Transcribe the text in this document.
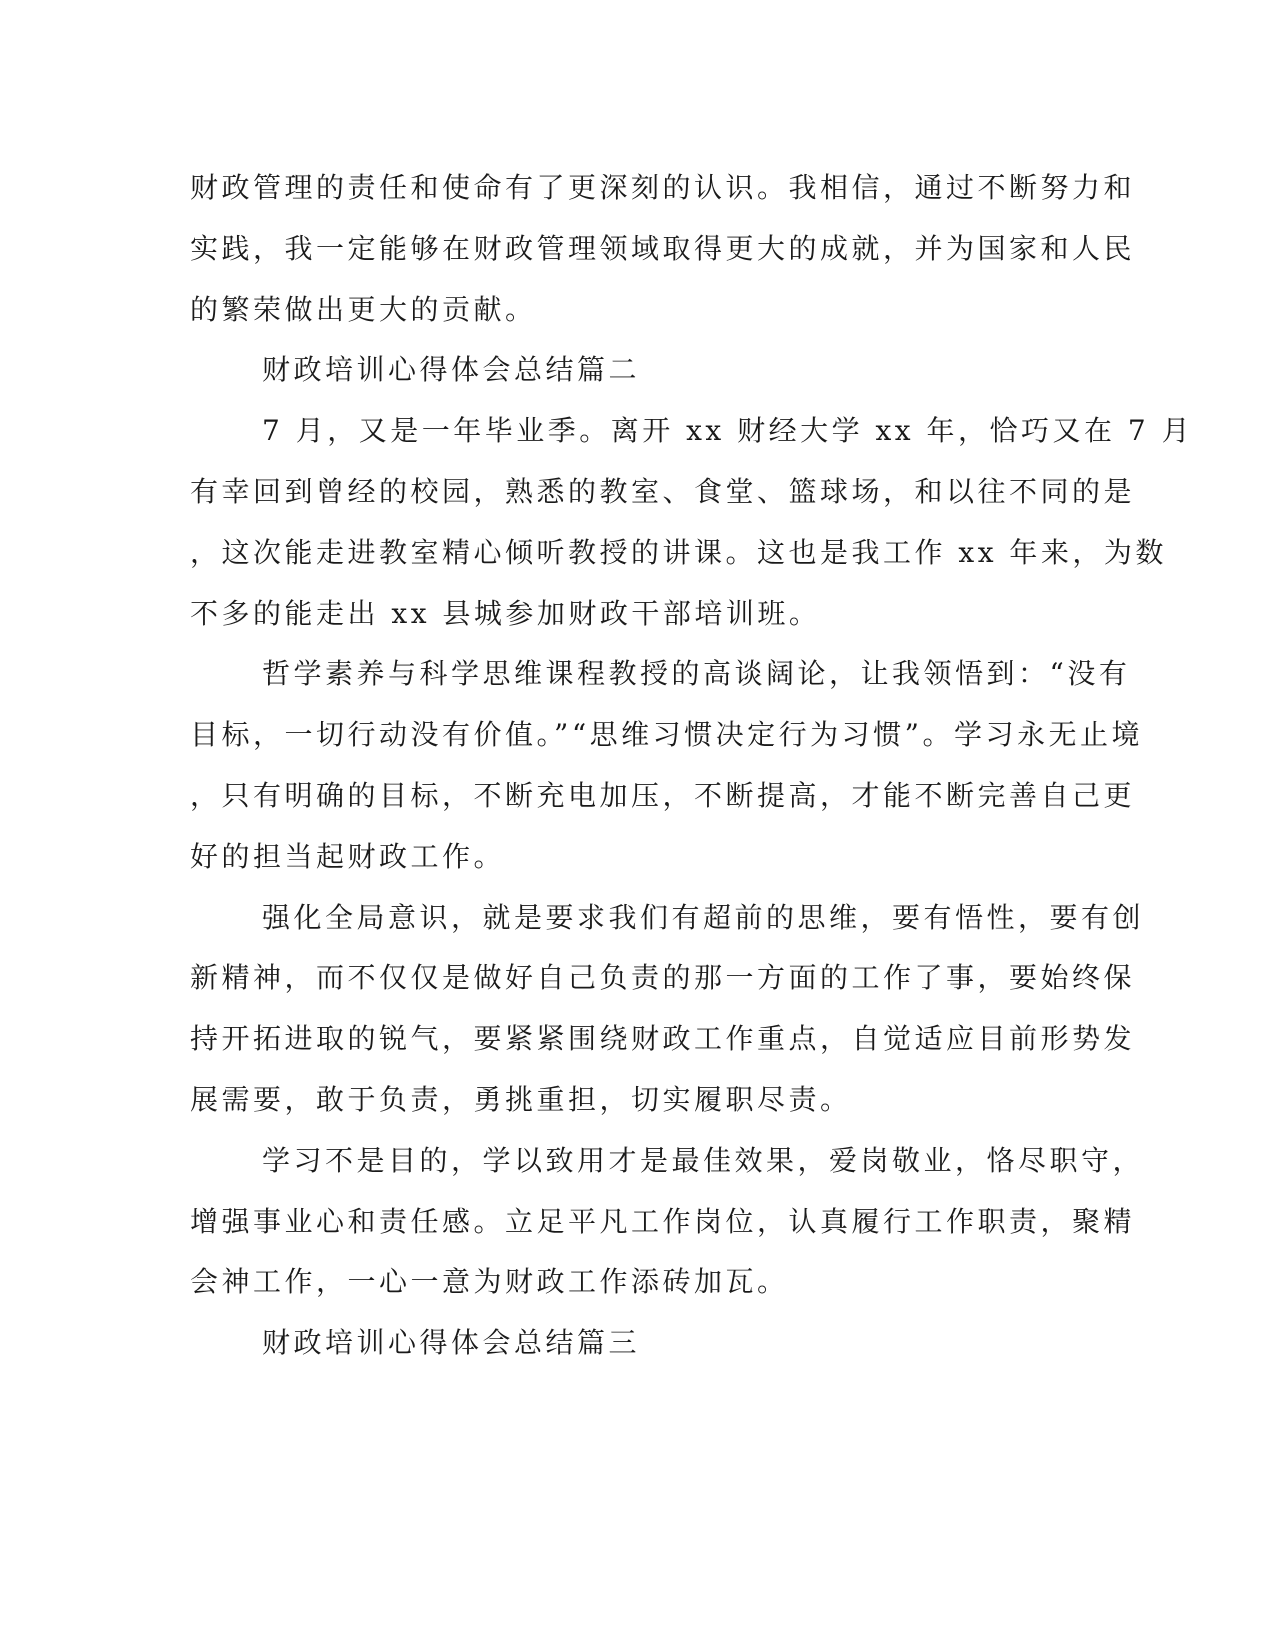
财政管理的责任和使命有了更深刻的认识。我相信，通过不断努力和
实践，我一定能够在财政管理领域取得更大的成就，并为国家和人民
的繁荣做出更大的贡献。
财政培训心得体会总结篇二
7 月，又是一年毕业季。离开 xx 财经大学 xx 年，恰巧又在 7 月
有幸回到曾经的校园，熟悉的教室、食堂、篮球场，和以往不同的是
，这次能走进教室精心倾听教授的讲课。这也是我工作 xx 年来，为数
不多的能走出 xx 县城参加财政干部培训班。
哲学素养与科学思维课程教授的高谈阔论，让我领悟到：“没有
目标，一切行动没有价值。”“思维习惯决定行为习惯”。学习永无止境
，只有明确的目标，不断充电加压，不断提高，才能不断完善自己更
好的担当起财政工作。
强化全局意识，就是要求我们有超前的思维，要有悟性，要有创
新精神，而不仅仅是做好自己负责的那一方面的工作了事，要始终保
持开拓进取的锐气，要紧紧围绕财政工作重点，自觉适应目前形势发
展需要，敢于负责，勇挑重担，切实履职尽责。
学习不是目的，学以致用才是最佳效果，爱岗敬业，恪尽职守，
增强事业心和责任感。立足平凡工作岗位，认真履行工作职责，聚精
会神工作，一心一意为财政工作添砖加瓦。
财政培训心得体会总结篇三
